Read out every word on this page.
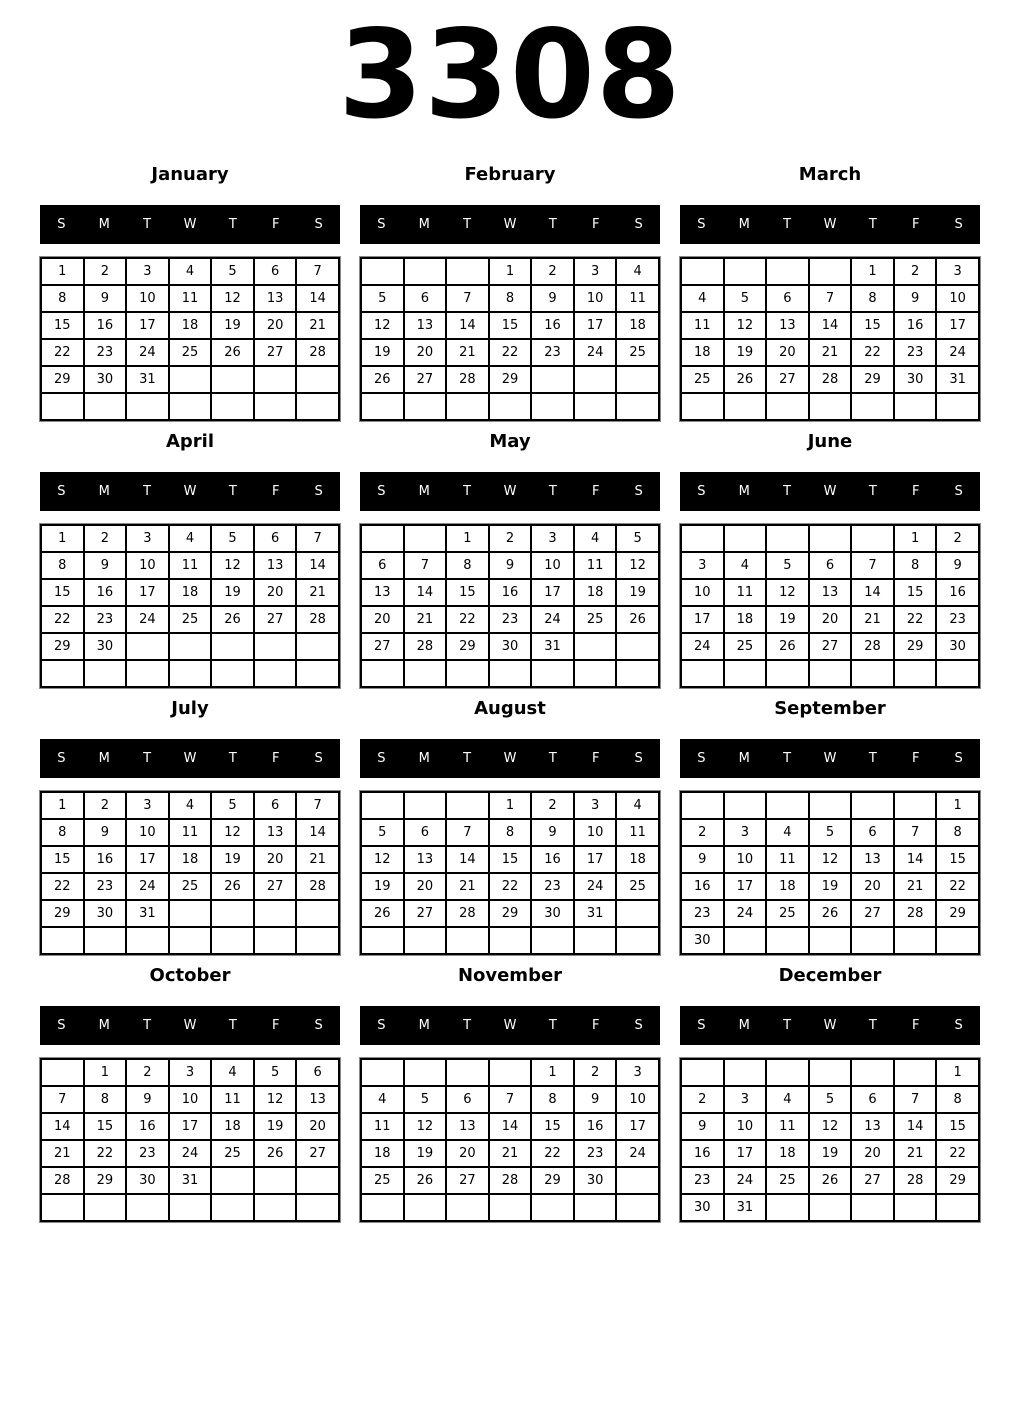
3308
January
S	M	T	W	T	F	S
1	2	3	4	5	6	7
8	9	10	11	12	13	14
15	16	17	18	19	20	21
22	23	24	25	26	27	28
29	30	31				

February
S	M	T	W	T	F	S
			1	2	3	4
5	6	7	8	9	10	11
12	13	14	15	16	17	18
19	20	21	22	23	24	25
26	27	28	29			

March
S	M	T	W	T	F	S
				1	2	3
4	5	6	7	8	9	10
11	12	13	14	15	16	17
18	19	20	21	22	23	24
25	26	27	28	29	30	31

April
S	M	T	W	T	F	S
1	2	3	4	5	6	7
8	9	10	11	12	13	14
15	16	17	18	19	20	21
22	23	24	25	26	27	28
29	30					

May
S	M	T	W	T	F	S
		1	2	3	4	5
6	7	8	9	10	11	12
13	14	15	16	17	18	19
20	21	22	23	24	25	26
27	28	29	30	31		

June
S	M	T	W	T	F	S
					1	2
3	4	5	6	7	8	9
10	11	12	13	14	15	16
17	18	19	20	21	22	23
24	25	26	27	28	29	30

July
S	M	T	W	T	F	S
1	2	3	4	5	6	7
8	9	10	11	12	13	14
15	16	17	18	19	20	21
22	23	24	25	26	27	28
29	30	31				

August
S	M	T	W	T	F	S
			1	2	3	4
5	6	7	8	9	10	11
12	13	14	15	16	17	18
19	20	21	22	23	24	25
26	27	28	29	30	31	

September
S	M	T	W	T	F	S
						1
2	3	4	5	6	7	8
9	10	11	12	13	14	15
16	17	18	19	20	21	22
23	24	25	26	27	28	29
30						
October
S	M	T	W	T	F	S
	1	2	3	4	5	6
7	8	9	10	11	12	13
14	15	16	17	18	19	20
21	22	23	24	25	26	27
28	29	30	31			

November
S	M	T	W	T	F	S
				1	2	3
4	5	6	7	8	9	10
11	12	13	14	15	16	17
18	19	20	21	22	23	24
25	26	27	28	29	30	

December
S	M	T	W	T	F	S
						1
2	3	4	5	6	7	8
9	10	11	12	13	14	15
16	17	18	19	20	21	22
23	24	25	26	27	28	29
30	31					
